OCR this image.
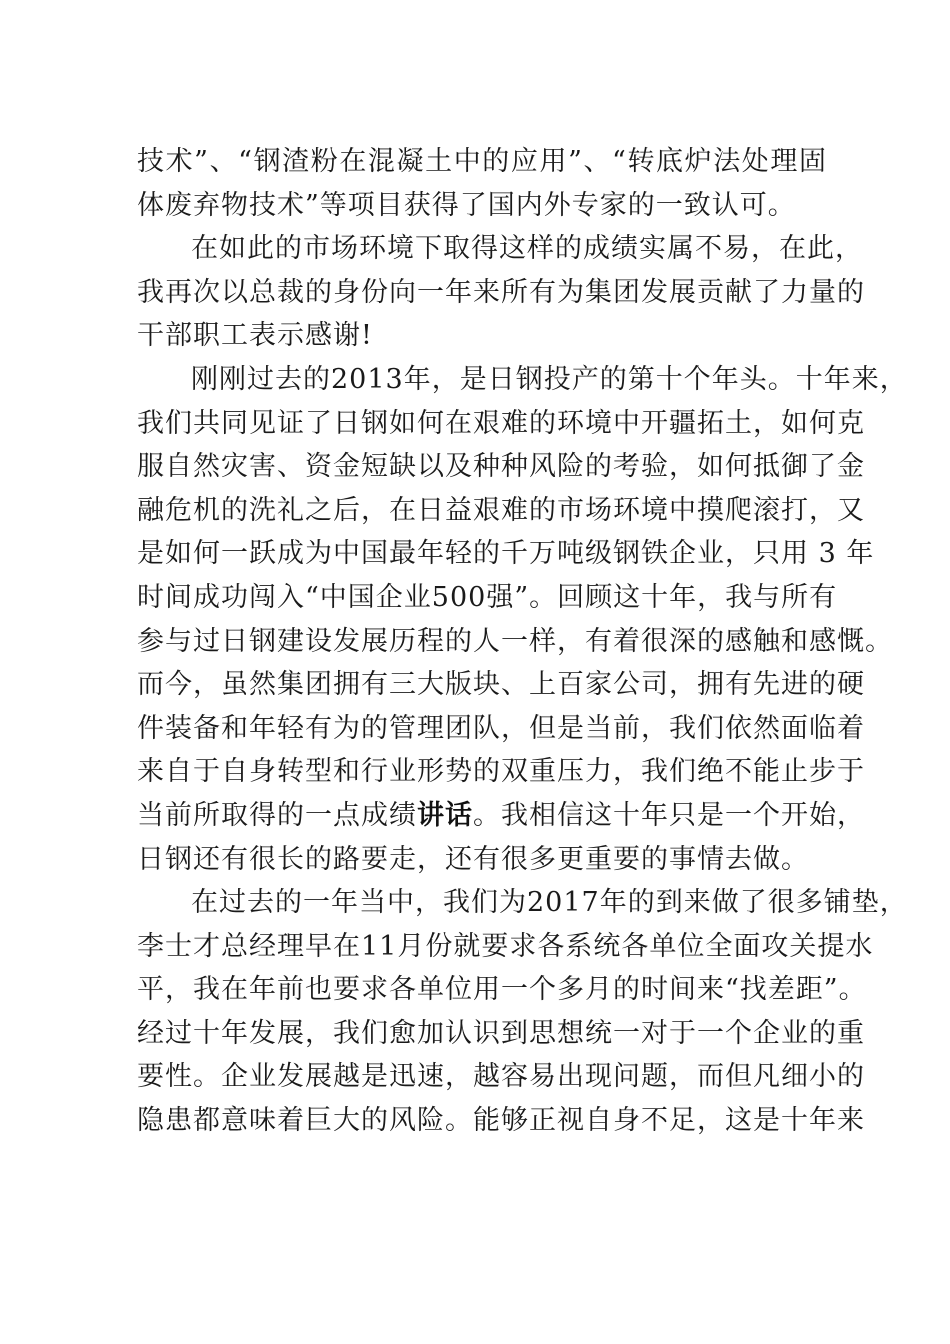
技术”、“钢渣粉在混凝土中的应用”、“转底炉法处理固
体废弃物技术”等项目获得了国内外专家的一致认可。
在如此的市场环境下取得这样的成绩实属不易，在此，
我再次以总裁的身份向一年来所有为集团发展贡献了力量的
干部职工表示感谢!
刚刚过去的2013年，是日钢投产的第十个年头。十年来，
我们共同见证了日钢如何在艰难的环境中开疆拓土，如何克
服自然灾害、资金短缺以及种种风险的考验，如何抵御了金
融危机的洗礼之后，在日益艰难的市场环境中摸爬滚打，又
是如何一跃成为中国最年轻的千万吨级钢铁企业，只用 3 年
时间成功闯入“中国企业500强”。回顾这十年，我与所有
参与过日钢建设发展历程的人一样，有着很深的感触和感慨。
而今，虽然集团拥有三大版块、上百家公司，拥有先进的硬
件装备和年轻有为的管理团队，但是当前，我们依然面临着
来自于自身转型和行业形势的双重压力，我们绝不能止步于
当前所取得的一点成绩讲话。我相信这十年只是一个开始，
日钢还有很长的路要走，还有很多更重要的事情去做。
在过去的一年当中，我们为2017年的到来做了很多铺垫，
李士才总经理早在11月份就要求各系统各单位全面攻关提水
平，我在年前也要求各单位用一个多月的时间来“找差距”。
经过十年发展，我们愈加认识到思想统一对于一个企业的重
要性。企业发展越是迅速，越容易出现问题，而但凡细小的
隐患都意味着巨大的风险。能够正视自身不足，这是十年来
